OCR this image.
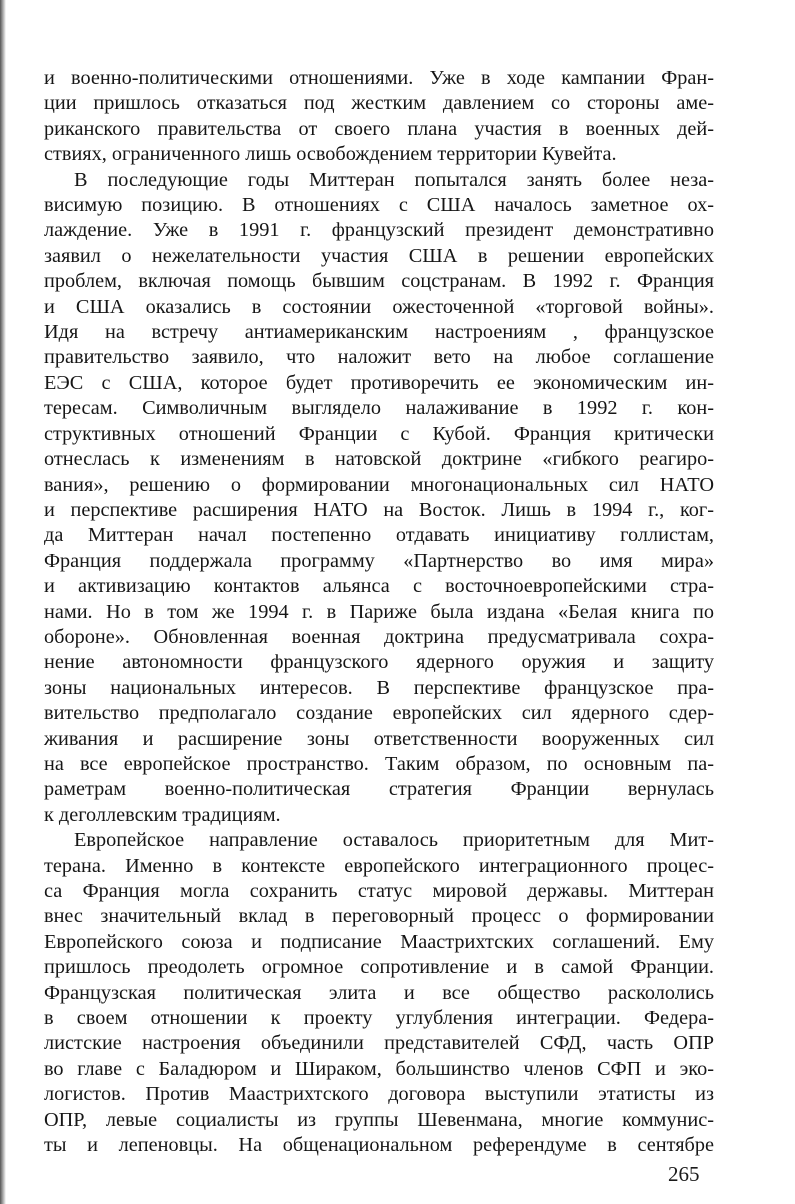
и военно-политическими отношениями. Уже в ходе кампании Фран-
ции пришлось отказаться под жестким давлением со стороны аме-
риканского правительства от своего плана участия в военных дей-
ствиях, ограниченного лишь освобождением территории Кувейта.
В последующие годы Миттеран попытался занять более неза-
висимую позицию. В отношениях с США началось заметное ох-
лаждение. Уже в 1991 г. французский президент демонстративно
заявил о нежелательности участия США в решении европейских
проблем, включая помощь бывшим соцстранам. В 1992 г. Франция
и США оказались в состоянии ожесточенной «торговой войны».
Идя на встречу антиамериканским настроениям , французское
правительство заявило, что наложит вето на любое соглашение
ЕЭС с США, которое будет противоречить ее экономическим ин-
тересам. Символичным выглядело налаживание в 1992 г. кон-
структивных отношений Франции с Кубой. Франция критически
отнеслась к изменениям в натовской доктрине «гибкого реагиро-
вания», решению о формировании многонациональных сил НАТО
и перспективе расширения НАТО на Восток. Лишь в 1994 г., ког-
да Миттеран начал постепенно отдавать инициативу голлистам,
Франция поддержала программу «Партнерство во имя мира»
и активизацию контактов альянса с восточноевропейскими стра-
нами. Но в том же 1994 г. в Париже была издана «Белая книга по
обороне». Обновленная военная доктрина предусматривала сохра-
нение автономности французского ядерного оружия и защиту
зоны национальных интересов. В перспективе французское пра-
вительство предполагало создание европейских сил ядерного сдер-
живания и расширение зоны ответственности вооруженных сил
на все европейское пространство. Таким образом, по основным па-
раметрам военно-политическая стратегия Франции вернулась
к деголлевским традициям.
Европейское направление оставалось приоритетным для Мит-
терана. Именно в контексте европейского интеграционного процес-
са Франция могла сохранить статус мировой державы. Миттеран
внес значительный вклад в переговорный процесс о формировании
Европейского союза и подписание Маастрихтских соглашений. Ему
пришлось преодолеть огромное сопротивление и в самой Франции.
Французская политическая элита и все общество раскололись
в своем отношении к проекту углубления интеграции. Федера-
листские настроения объединили представителей СФД, часть ОПР
во главе с Баладюром и Шираком, большинство членов СФП и эко-
логистов. Против Маастрихтского договора выступили этатисты из
ОПР, левые социалисты из группы Шевенмана, многие коммунис-
ты и лепеновцы. На общенациональном референдуме в сентябре
265
